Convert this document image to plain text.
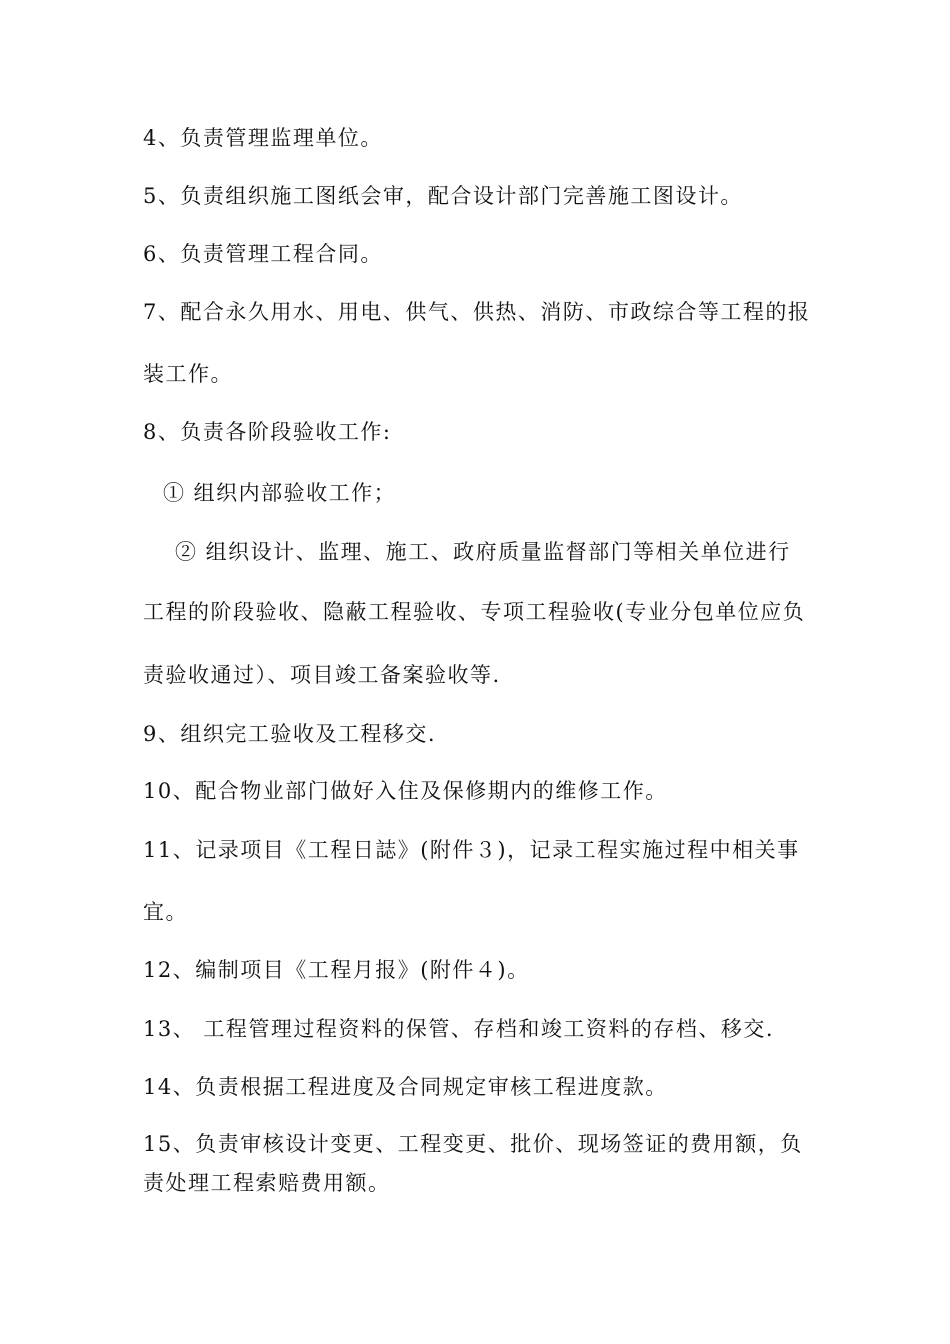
4、负责管理监理单位。
5、负责组织施工图纸会审，配合设计部门完善施工图设计。
6、负责管理工程合同。
7、配合永久用水、用电、供气、供热、消防、市政综合等工程的报
装工作。
8、负责各阶段验收工作:
① 组织内部验收工作；
② 组织设计、监理、施工、政府质量监督部门等相关单位进行
工程的阶段验收、隐蔽工程验收、专项工程验收(专业分包单位应负
责验收通过）、项目竣工备案验收等.
9、组织完工验收及工程移交.
10、配合物业部门做好入住及保修期内的维修工作。
11、记录项目《工程日誌》(附件３)，记录工程实施过程中相关事
宜。
12、编制项目《工程月报》(附件４)。
13、 工程管理过程资料的保管、存档和竣工资料的存档、移交.
14、负责根据工程进度及合同规定审核工程进度款。
15、负责审核设计变更、工程变更、批价、现场签证的费用额，负
责处理工程索赔费用额。
